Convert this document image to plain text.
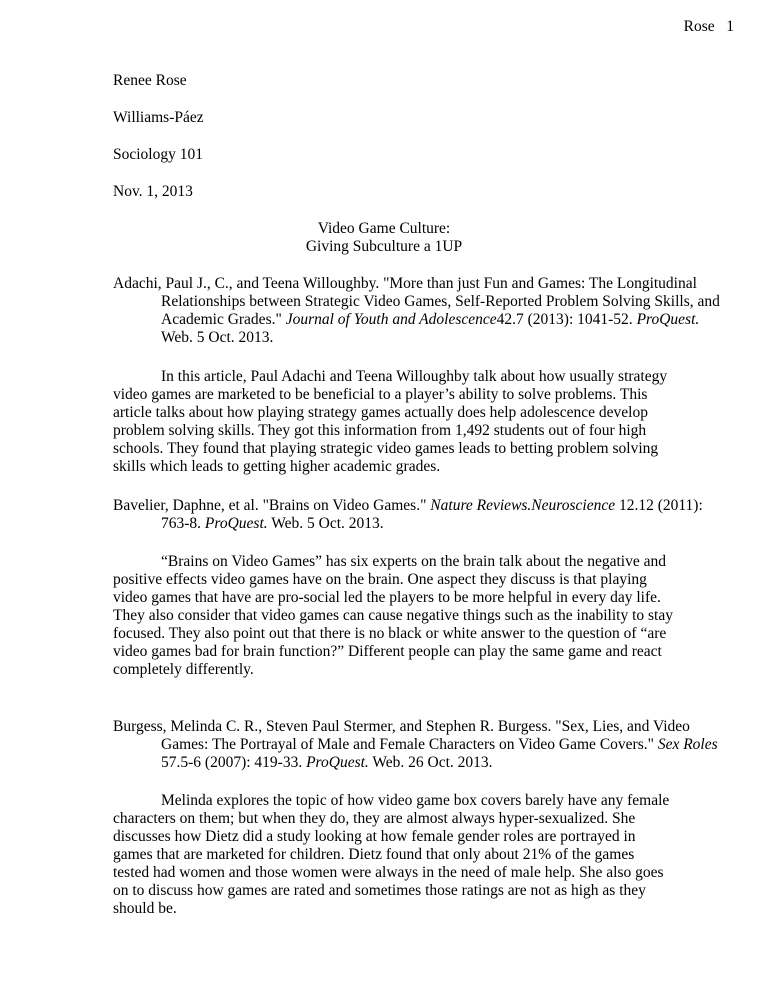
Rose   1
Renee Rose
Williams-Páez
Sociology 101
Nov. 1, 2013
Video Game Culture:
Giving Subculture a 1UP
Adachi, Paul J., C., and Teena Willoughby. "More than just Fun and Games: The Longitudinal Relationships between Strategic Video Games, Self-Reported Problem Solving Skills, and Academic Grades." Journal of Youth and Adolescence42.7 (2013): 1041-52. ProQuest. Web. 5 Oct. 2013.
In this article, Paul Adachi and Teena Willoughby talk about how usually strategy video games are marketed to be beneficial to a player’s ability to solve problems. This article talks about how playing strategy games actually does help adolescence develop problem solving skills. They got this information from 1,492 students out of four high schools. They found that playing strategic video games leads to betting problem solving skills which leads to getting higher academic grades.
Bavelier, Daphne, et al. "Brains on Video Games." Nature Reviews.Neuroscience 12.12 (2011): 763-8. ProQuest. Web. 5 Oct. 2013.
“Brains on Video Games” has six experts on the brain talk about the negative and positive effects video games have on the brain. One aspect they discuss is that playing video games that have are pro-social led the players to be more helpful in every day life. They also consider that video games can cause negative things such as the inability to stay focused. They also point out that there is no black or white answer to the question of “are video games bad for brain function?” Different people can play the same game and react completely differently.
Burgess, Melinda C. R., Steven Paul Stermer, and Stephen R. Burgess. "Sex, Lies, and Video Games: The Portrayal of Male and Female Characters on Video Game Covers." Sex Roles 57.5-6 (2007): 419-33. ProQuest. Web. 26 Oct. 2013.
Melinda explores the topic of how video game box covers barely have any female characters on them; but when they do, they are almost always hyper-sexualized. She discusses how Dietz did a study looking at how female gender roles are portrayed in games that are marketed for children. Dietz found that only about 21% of the games tested had women and those women were always in the need of male help. She also goes on to discuss how games are rated and sometimes those ratings are not as high as they should be.
